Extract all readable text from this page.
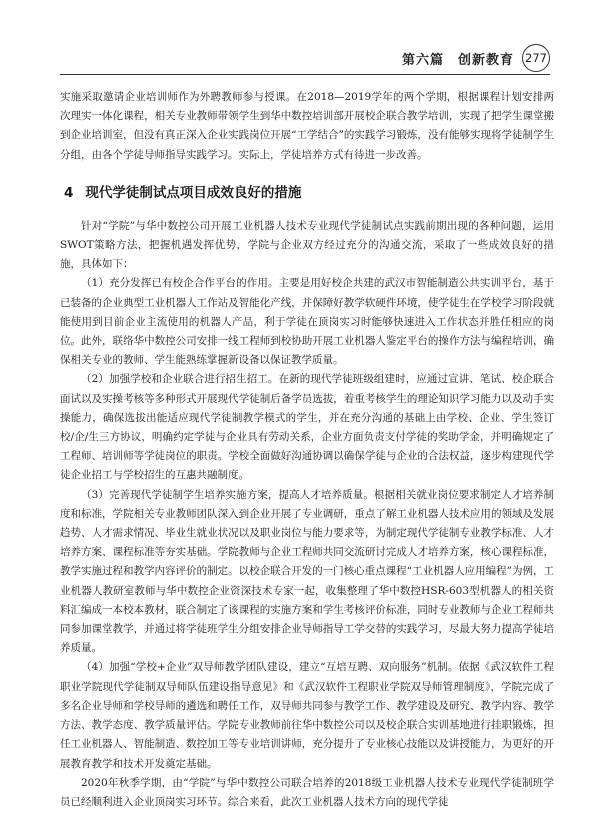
第六篇　创新教育 277

实施采取邀请企业培训师作为外聘教师参与授课。在2018—2019学年的两个学期，根据课程计划安排两次理实一体化课程，相关专业教师带领学生到华中数控培训部开展校企联合教学培训，实现了把学生课堂搬到企业培训室，但没有真正深入企业实践岗位开展“工学结合”的实践学习锻炼，没有能够实现将学徒制学生分组，由各个学徒导师指导实践学习。实际上，学徒培养方式有待进一步改善。

4 现代学徒制试点项目成效良好的措施

针对“学院”与华中数控公司开展工业机器人技术专业现代学徒制试点实践前期出现的各种问题，运用SWOT策略方法，把握机遇发挥优势，学院与企业双方经过充分的沟通交流，采取了一些成效良好的措施，具体如下：

（1）充分发挥已有校企合作平台的作用。主要是用好校企共建的武汉市智能制造公共实训平台，基于已装备的企业典型工业机器人工作站及智能化产线，并保障好教学软硬件环境，使学徒生在学校学习阶段就能使用到目前企业主流使用的机器人产品，利于学徒在顶岗实习时能够快速进入工作状态并胜任相应的岗位。此外，联络华中数控公司安排一线工程师到校协助开展工业机器人鉴定平台的操作方法与编程培训，确保相关专业的教师、学生能熟练掌握新设备以保证教学质量。

（2）加强学校和企业联合进行招生招工。在新的现代学徒班级组建时，应通过宣讲、笔试、校企联合面试以及实操考核等多种形式开展现代学徒制后备学员选拔，着重考核学生的理论知识学习能力以及动手实操能力，确保选拔出能适应现代学徒制教学模式的学生，并在充分沟通的基础上由学校、企业、学生签订校/企/生三方协议，明确约定学徒与企业具有劳动关系，企业方面负责支付学徒的奖助学金，并明确规定了工程师、培训师等学徒岗位的职责。学校全面做好沟通协调以确保学徒与企业的合法权益，逐步构建现代学徒企业招工与学校招生的互惠共融制度。

（3）完善现代学徒制学生培养实施方案，提高人才培养质量。根据相关就业岗位要求制定人才培养制度和标准，学院相关专业教师团队深入到企业开展了专业调研，重点了解工业机器人技术应用的领域及发展趋势、人才需求情况、毕业生就业状况以及职业岗位与能力要求等，为制定现代学徒制专业教学标准、人才培养方案、课程标准等夯实基础。学院教师与企业工程师共同交流研讨完成人才培养方案，核心课程标准，教学实施过程和教学内容评价的制定。以校企联合开发的一门核心重点课程“工业机器人应用编程”为例，工业机器人教研室教师与华中数控企业资深技术专家一起，收集整理了华中数控HSR-603型机器人的相关资料汇编成一本校本教材，联合制定了该课程的实施方案和学生考核评价标准，同时专业教师与企业工程师共同参加课堂教学，并通过将学徒班学生分组安排企业导师指导工学交替的实践学习，尽最大努力提高学徒培养质量。

（4）加强“学校+企业”双导师教学团队建设，建立“互培互聘、双向服务”机制。依据《武汉软件工程职业学院现代学徒制双导师队伍建设指导意见》和《武汉软件工程职业学院双导师管理制度》，学院完成了多名企业导师和学校导师的遴选和聘任工作，双导师共同参与教学工作、教学建设及研究、教学内容、教学方法、教学态度、教学质量评估。学院专业教师前往华中数控公司以及校企联合实训基地进行挂职锻炼，担任工业机器人、智能制造、数控加工等专业培训讲师，充分提升了专业核心技能以及讲授能力，为更好的开展教育教学和技术开发奠定基础。

2020年秋季学期，由“学院”与华中数控公司联合培养的2018级工业机器人技术专业现代学徒制班学员已经顺利进入企业顶岗实习环节。综合来看，此次工业机器人技术方向的现代学徒
